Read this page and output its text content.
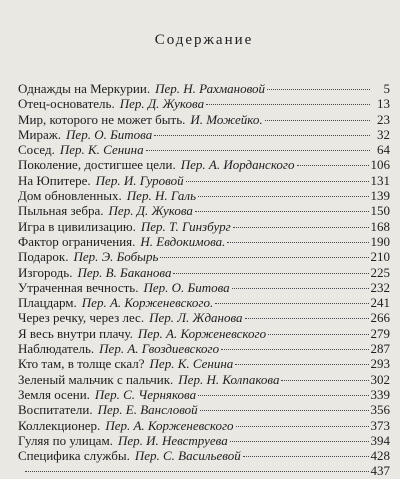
Содержание
Однажды на Меркурии. Пер. Н. Рахмановой	5
Отец-основатель. Пер. Д. Жукова	13
Мир, которого не может быть. И. Можейко.	23
Мираж. Пер. О. Битова	32
Сосед. Пер. К. Сенина	64
Поколение, достигшее цели. Пер. А. Иорданского	106
На Юпитере. Пер. И. Гуровой	131
Дом обновленных. Пер. Н. Галь	139
Пыльная зебра. Пер. Д. Жукова	150
Игра в цивилизацию. Пер. Т. Гинзбург	168
Фактор ограничения. Н. Евдокимова.	190
Подарок. Пер. Э. Бобырь	210
Изгородь. Пер. В. Баканова	225
Утраченная вечность. Пер. О. Битова	232
Плацдарм. Пер. А. Корженевского.	241
Через речку, через лес. Пер. Л. Жданова	266
Я весь внутри плачу. Пер. А. Корженевского	279
Наблюдатель. Пер. А. Гвоздиевского	287
Кто там, в толще скал? Пер. К. Сенина	293
Зеленый мальчик с пальчик. Пер. Н. Колпакова	302
Земля осени. Пер. С. Чернякова	339
Воспитатели. Пер. Е. Вансловой	356
Коллекционер. Пер. А. Корженевского	373
Гуляя по улицам. Пер. И. Невструева	394
Специфика службы. Пер. С. Васильевой	428
437
